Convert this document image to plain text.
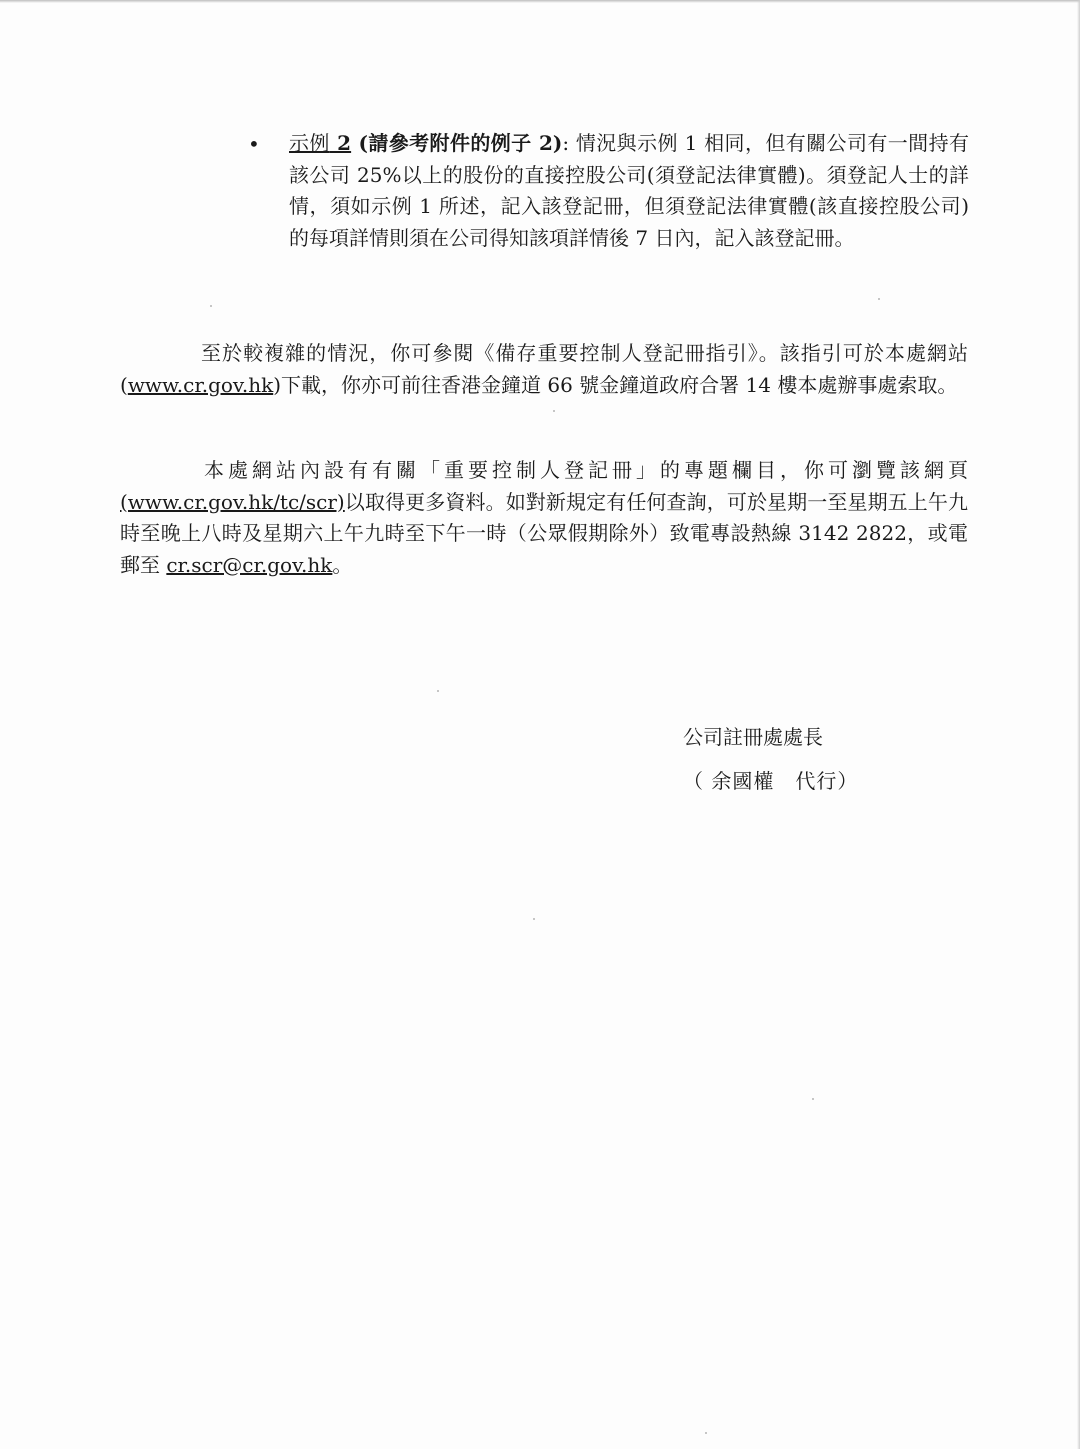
• 示例 2 (請參考附件的例子 2): 情況與示例 1 相同，但有關公司有一間持有該公司 25%以上的股份的直接控股公司(須登記法律實體)。須登記人士的詳情，須如示例 1 所述，記入該登記冊，但須登記法律實體(該直接控股公司)的每項詳情則須在公司得知該項詳情後 7 日內，記入該登記冊。
至於較複雜的情況，你可參閱《備存重要控制人登記冊指引》。該指引可於本處網站(www.cr.gov.hk)下載，你亦可前往香港金鐘道 66 號金鐘道政府合署 14 樓本處辦事處索取。
本處網站內設有有關「重要控制人登記冊」的專題欄目，你可瀏覽該網頁(www.cr.gov.hk/tc/scr)以取得更多資料。如對新規定有任何查詢，可於星期一至星期五上午九時至晚上八時及星期六上午九時至下午一時（公眾假期除外）致電專設熱線 3142 2822，或電郵至 cr.scr@cr.gov.hk。
公司註冊處處長
（ 余國權　代行）
